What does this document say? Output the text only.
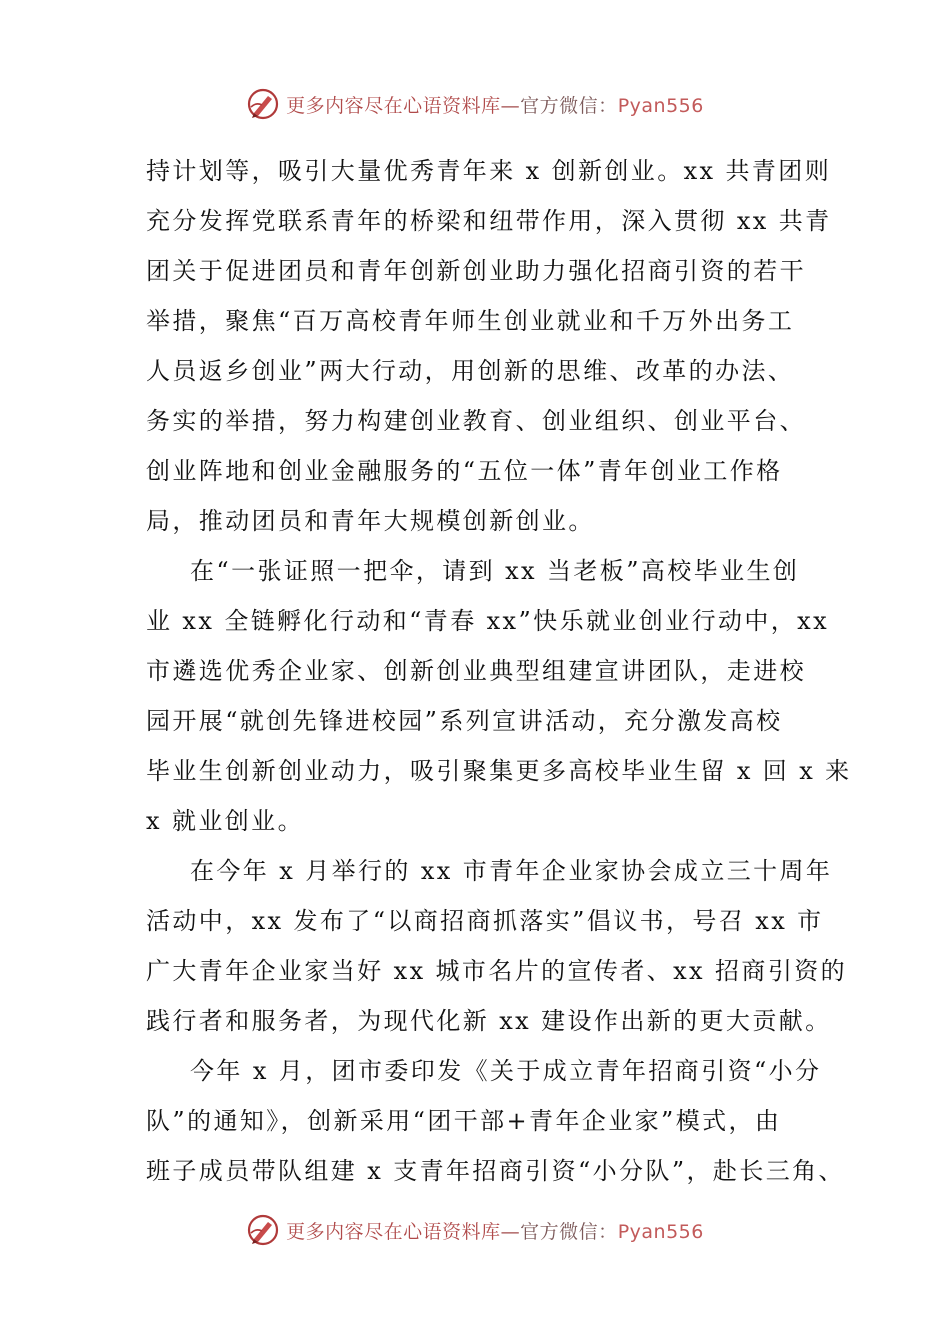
更多内容尽在心语资料库—官方微信：Pyan556
持计划等，吸引大量优秀青年来 x 创新创业。xx 共青团则
充分发挥党联系青年的桥梁和纽带作用，深入贯彻 xx 共青
团关于促进团员和青年创新创业助力强化招商引资的若干
举措，聚焦“百万高校青年师生创业就业和千万外出务工
人员返乡创业”两大行动，用创新的思维、改革的办法、
务实的举措，努力构建创业教育、创业组织、创业平台、
创业阵地和创业金融服务的“五位一体”青年创业工作格
局，推动团员和青年大规模创新创业。
在“一张证照一把伞，请到 xx 当老板”高校毕业生创
业 xx 全链孵化行动和“青春 xx”快乐就业创业行动中，xx
市遴选优秀企业家、创新创业典型组建宣讲团队，走进校
园开展“就创先锋进校园”系列宣讲活动，充分激发高校
毕业生创新创业动力，吸引聚集更多高校毕业生留 x 回 x 来
x 就业创业。
在今年 x 月举行的 xx 市青年企业家协会成立三十周年
活动中，xx 发布了“以商招商抓落实”倡议书，号召 xx 市
广大青年企业家当好 xx 城市名片的宣传者、xx 招商引资的
践行者和服务者，为现代化新 xx 建设作出新的更大贡献。
今年 x 月，团市委印发《关于成立青年招商引资“小分
队”的通知》，创新采用“团干部+青年企业家”模式，由
班子成员带队组建 x 支青年招商引资“小分队”，赴长三角、
更多内容尽在心语资料库—官方微信：Pyan556
